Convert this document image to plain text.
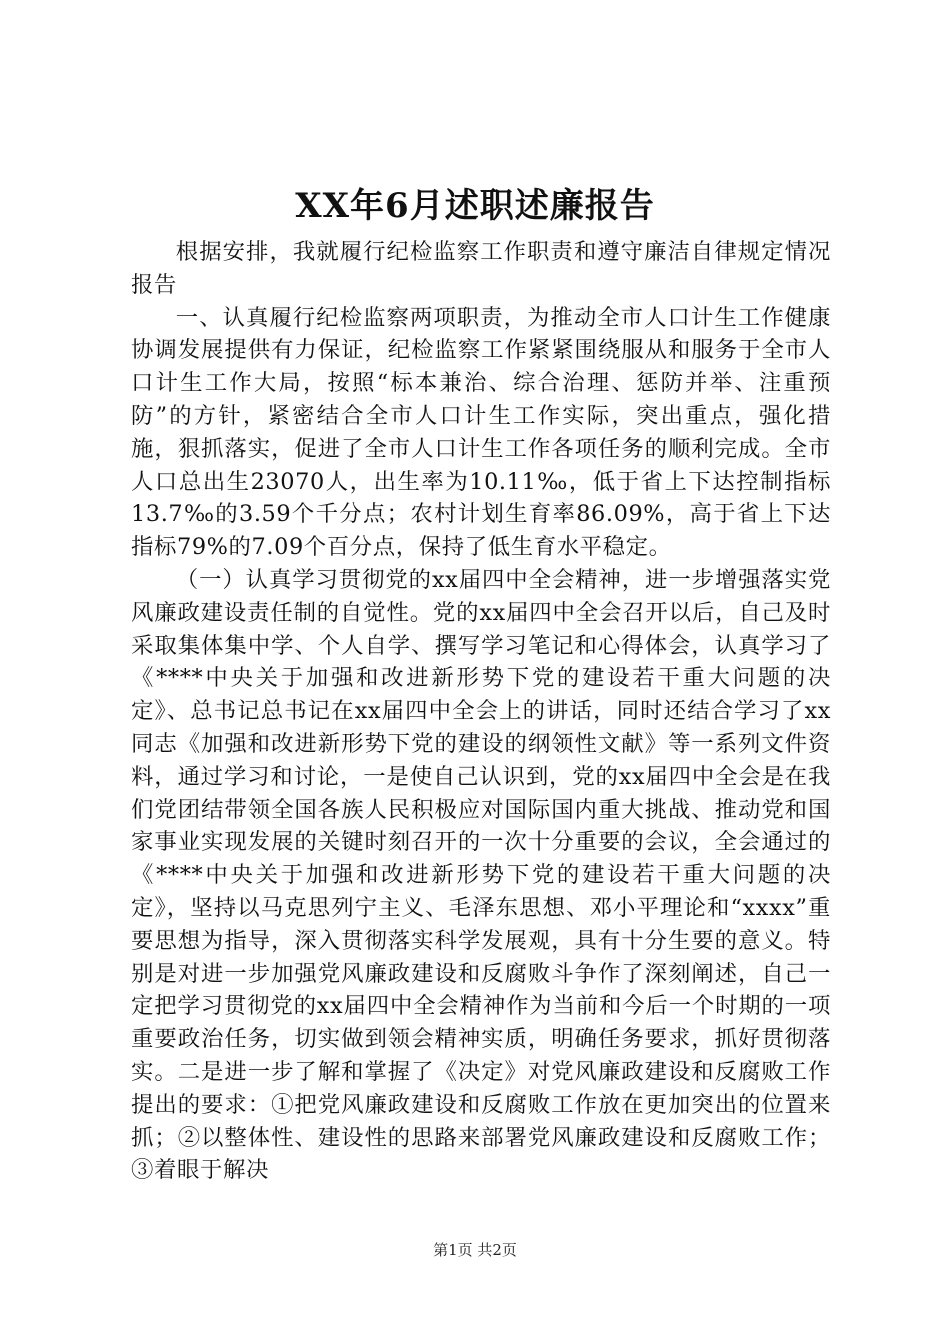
XX年6月述职述廉报告

根据安排，我就履行纪检监察工作职责和遵守廉洁自律规定情况报告

一、认真履行纪检监察两项职责，为推动全市人口计生工作健康协调发展提供有力保证，纪检监察工作紧紧围绕服从和服务于全市人口计生工作大局，按照“标本兼治、综合治理、惩防并举、注重预防”的方针，紧密结合全市人口计生工作实际，突出重点，强化措施，狠抓落实，促进了全市人口计生工作各项任务的顺利完成。全市人口总出生23070人，出生率为10.11‰，低于省上下达控制指标13.7‰的3.59个千分点；农村计划生育率86.09%，高于省上下达指标79%的7.09个百分点，保持了低生育水平稳定。

（一）认真学习贯彻党的xx届四中全会精神，进一步增强落实党风廉政建设责任制的自觉性。党的xx届四中全会召开以后，自己及时采取集体集中学、个人自学、撰写学习笔记和心得体会，认真学习了《****中央关于加强和改进新形势下党的建设若干重大问题的决定》、总书记总书记在xx届四中全会上的讲话，同时还结合学习了xx同志《加强和改进新形势下党的建设的纲领性文献》等一系列文件资料，通过学习和讨论，一是使自己认识到，党的xx届四中全会是在我们党团结带领全国各族人民积极应对国际国内重大挑战、推动党和国家事业实现发展的关键时刻召开的一次十分重要的会议，全会通过的《****中央关于加强和改进新形势下党的建设若干重大问题的决定》，坚持以马克思列宁主义、毛泽东思想、邓小平理论和“xxxx”重要思想为指导，深入贯彻落实科学发展观，具有十分生要的意义。特别是对进一步加强党风廉政建设和反腐败斗争作了深刻阐述，自己一定把学习贯彻党的xx届四中全会精神作为当前和今后一个时期的一项重要政治任务，切实做到领会精神实质，明确任务要求，抓好贯彻落实。二是进一步了解和掌握了《决定》对党风廉政建设和反腐败工作提出的要求：①把党风廉政建设和反腐败工作放在更加突出的位置来抓；②以整体性、建设性的思路来部署党风廉政建设和反腐败工作；③着眼于解决

第1页 共2页
